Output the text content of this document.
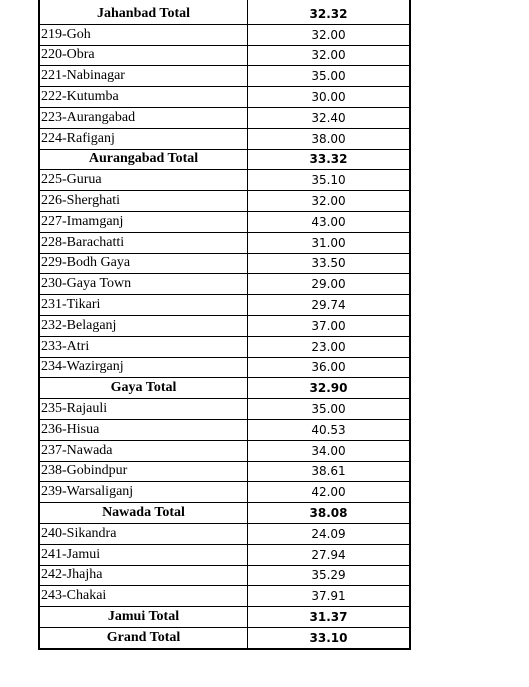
Jahanbad Total	32.32
219-Goh	32.00
220-Obra	32.00
221-Nabinagar	35.00
222-Kutumba	30.00
223-Aurangabad	32.40
224-Rafiganj	38.00
Aurangabad Total	33.32
225-Gurua	35.10
226-Sherghati	32.00
227-Imamganj	43.00
228-Barachatti	31.00
229-Bodh Gaya	33.50
230-Gaya Town	29.00
231-Tikari	29.74
232-Belaganj	37.00
233-Atri	23.00
234-Wazirganj	36.00
Gaya Total	32.90
235-Rajauli	35.00
236-Hisua	40.53
237-Nawada	34.00
238-Gobindpur	38.61
239-Warsaliganj	42.00
Nawada Total	38.08
240-Sikandra	24.09
241-Jamui	27.94
242-Jhajha	35.29
243-Chakai	37.91
Jamui Total	31.37
Grand Total	33.10
